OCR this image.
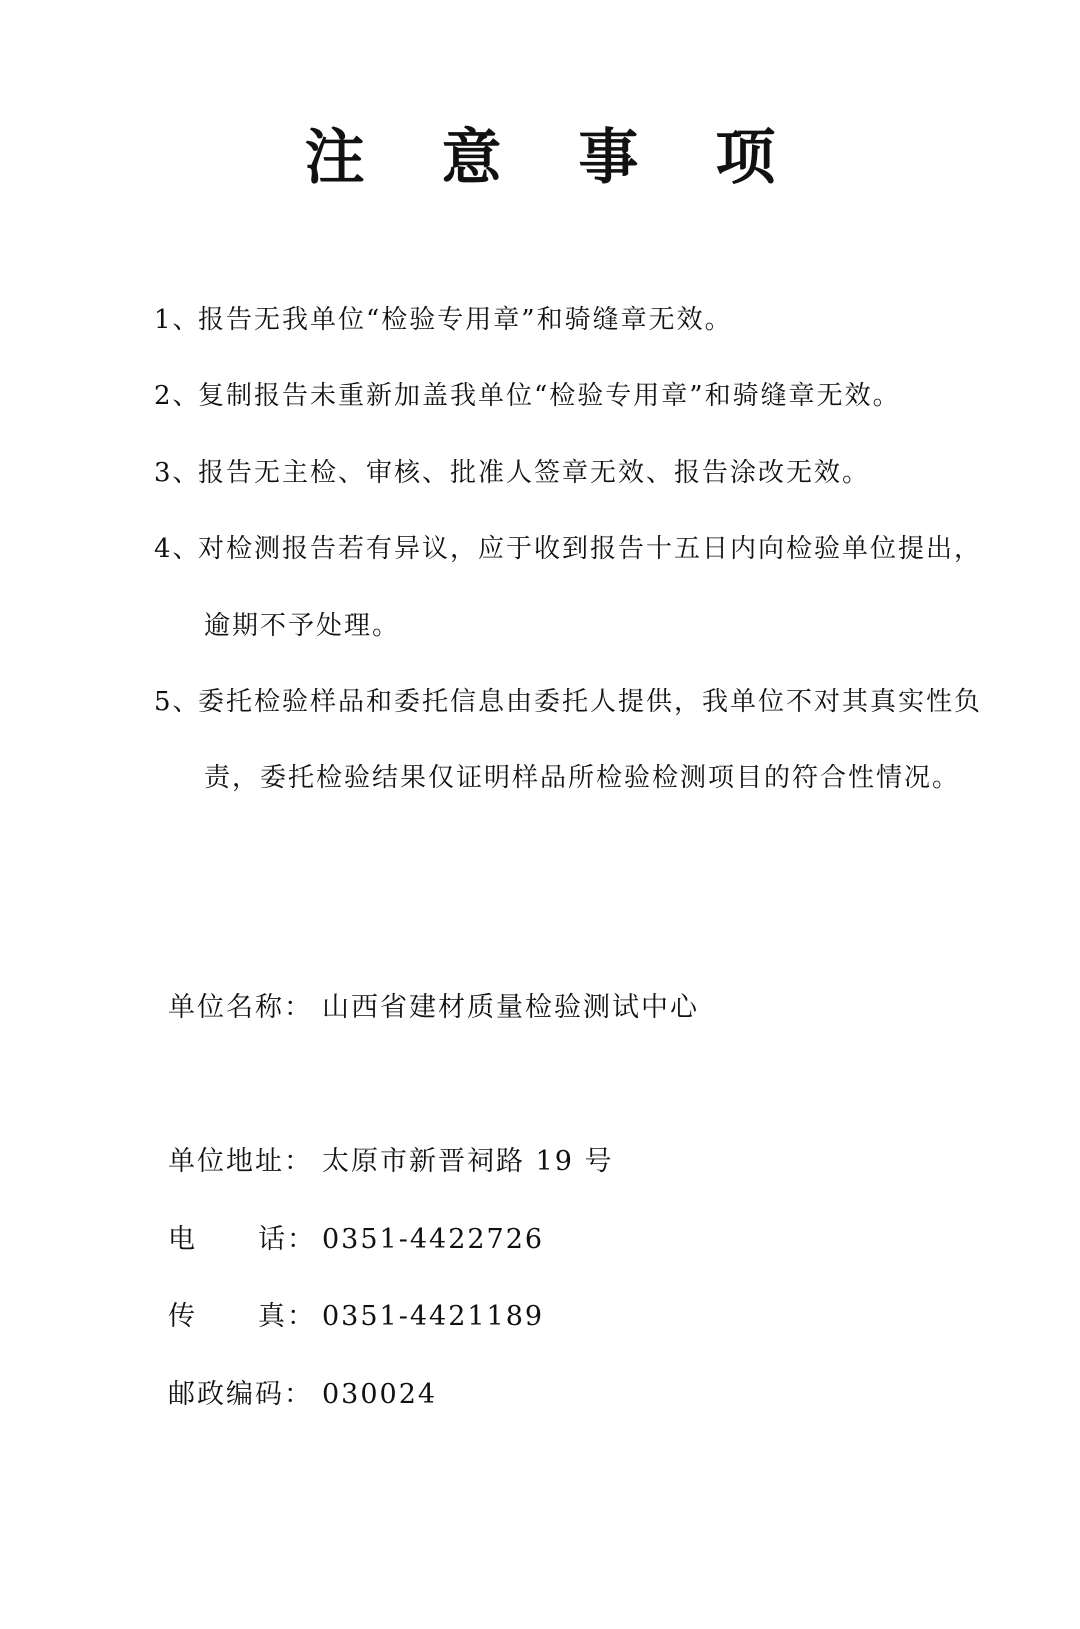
注 意 事 项
1、
报告无我单位“检验专用章”和骑缝章无效。
2、
复制报告未重新加盖我单位“检验专用章”和骑缝章无效。
3、
报告无主检、审核、批准人签章无效、报告涂改无效。
4、
对检测报告若有异议，应于收到报告十五日内向检验单位提出，
逾期不予处理。
5、
委托检验样品和委托信息由委托人提供，我单位不对其真实性负
责，委托检验结果仅证明样品所检验检测项目的符合性情况。
单位名称： 山西省建材质量检验测试中心
单位地址： 太原市新晋祠路 19 号
电 话： 0351-4422726
传 真： 0351-4421189
邮政编码： 030024
